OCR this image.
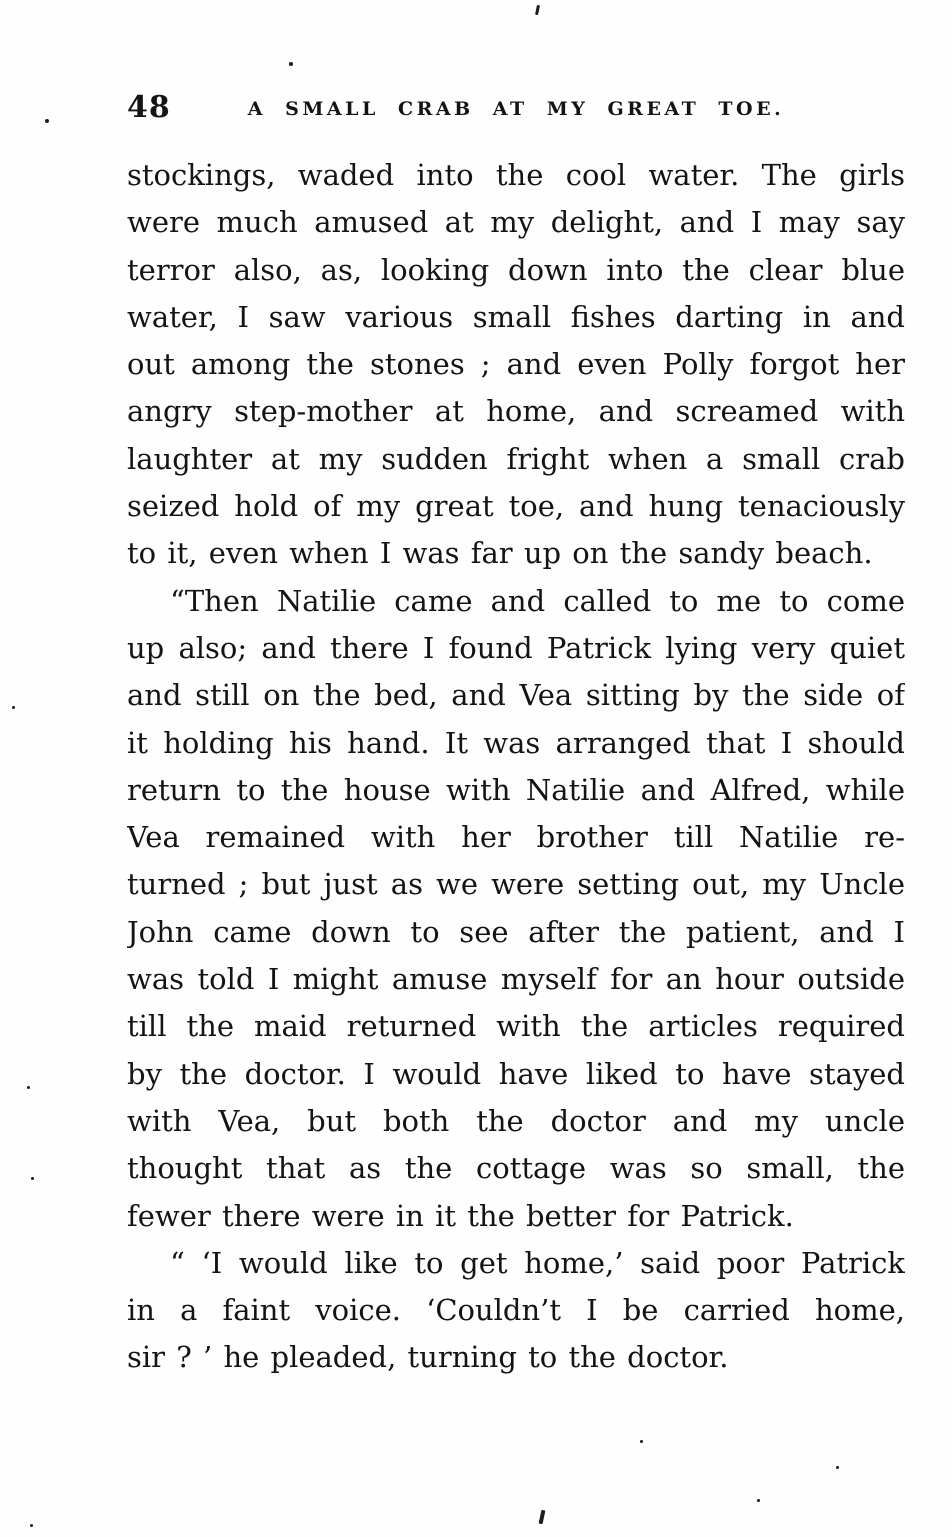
48	A SMALL CRAB AT MY GREAT TOE.
stockings, waded into the cool water. The girls
were much amused at my delight, and I may say
terror also, as, looking down into the clear blue
water, I saw various small fishes darting in and
out among the stones ; and even Polly forgot her
angry step-mother at home, and screamed with
laughter at my sudden fright when a small crab
seized hold of my great toe, and hung tenaciously
to it, even when I was far up on the sandy beach.
“Then Natilie came and called to me to come
up also; and there I found Patrick lying very quiet
and still on the bed, and Vea sitting by the side of
it holding his hand. It was arranged that I should
return to the house with Natilie and Alfred, while
Vea remained with her brother till Natilie re-
turned ; but just as we were setting out, my Uncle
John came down to see after the patient, and I
was told I might amuse myself for an hour outside
till the maid returned with the articles required
by the doctor. I would have liked to have stayed
with Vea, but both the doctor and my uncle
thought that as the cottage was so small, the
fewer there were in it the better for Patrick.
“ ‘I would like to get home,’ said poor Patrick
in a faint voice. ‘Couldn’t I be carried home,
sir ? ’ he pleaded, turning to the doctor.
